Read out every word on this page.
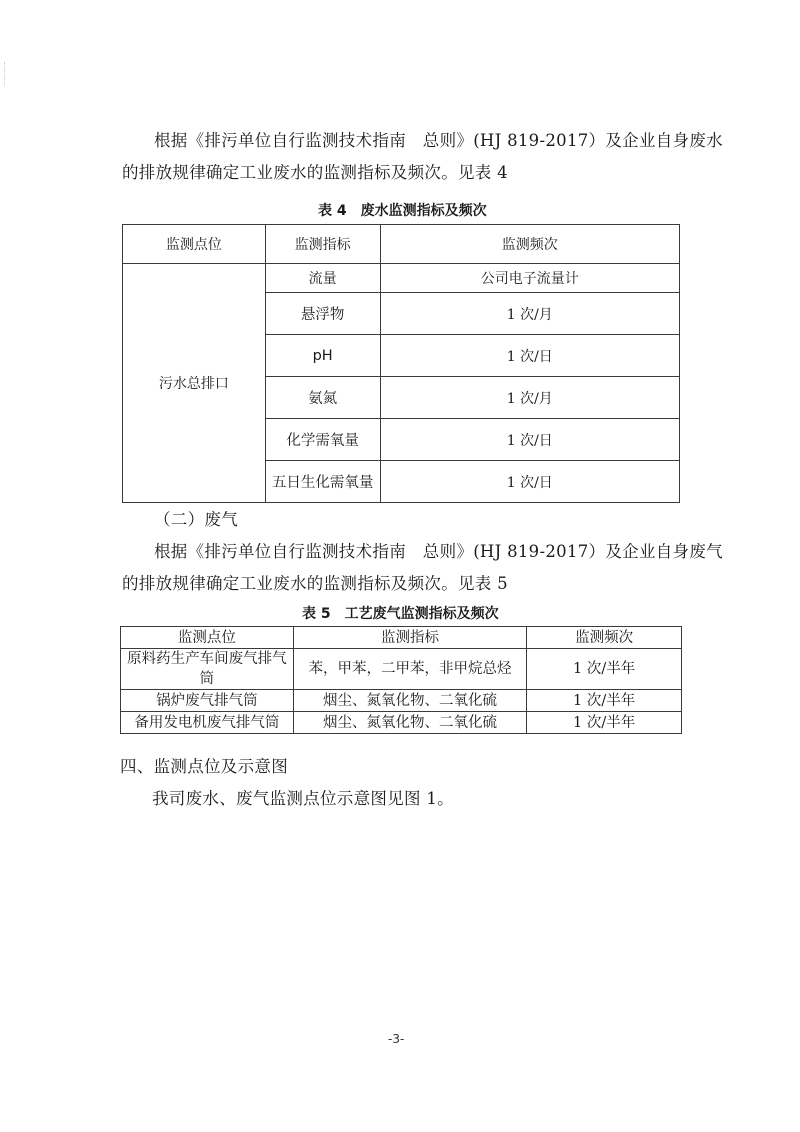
根据《排污单位自行监测技术指南　总则》(HJ 819-2017）及企业自身废水
的排放规律确定工业废水的监测指标及频次。见表 4
表 4　废水监测指标及频次
监测点位	监测指标	监测频次
污水总排口	流量	公司电子流量计
	悬浮物	1 次/月
	pH	1 次/日
	氨氮	1 次/月
	化学需氧量	1 次/日
	五日生化需氧量	1 次/日
（二）废气
根据《排污单位自行监测技术指南　总则》(HJ 819-2017）及企业自身废气
的排放规律确定工业废水的监测指标及频次。见表 5
表 5　工艺废气监测指标及频次
监测点位	监测指标	监测频次
原料药生产车间废气排气筒	苯，甲苯，二甲苯，非甲烷总烃	1 次/半年
锅炉废气排气筒	烟尘、氮氧化物、二氧化硫	1 次/半年
备用发电机废气排气筒	烟尘、氮氧化物、二氧化硫	1 次/半年
四、监测点位及示意图
我司废水、废气监测点位示意图见图 1。
-3-
